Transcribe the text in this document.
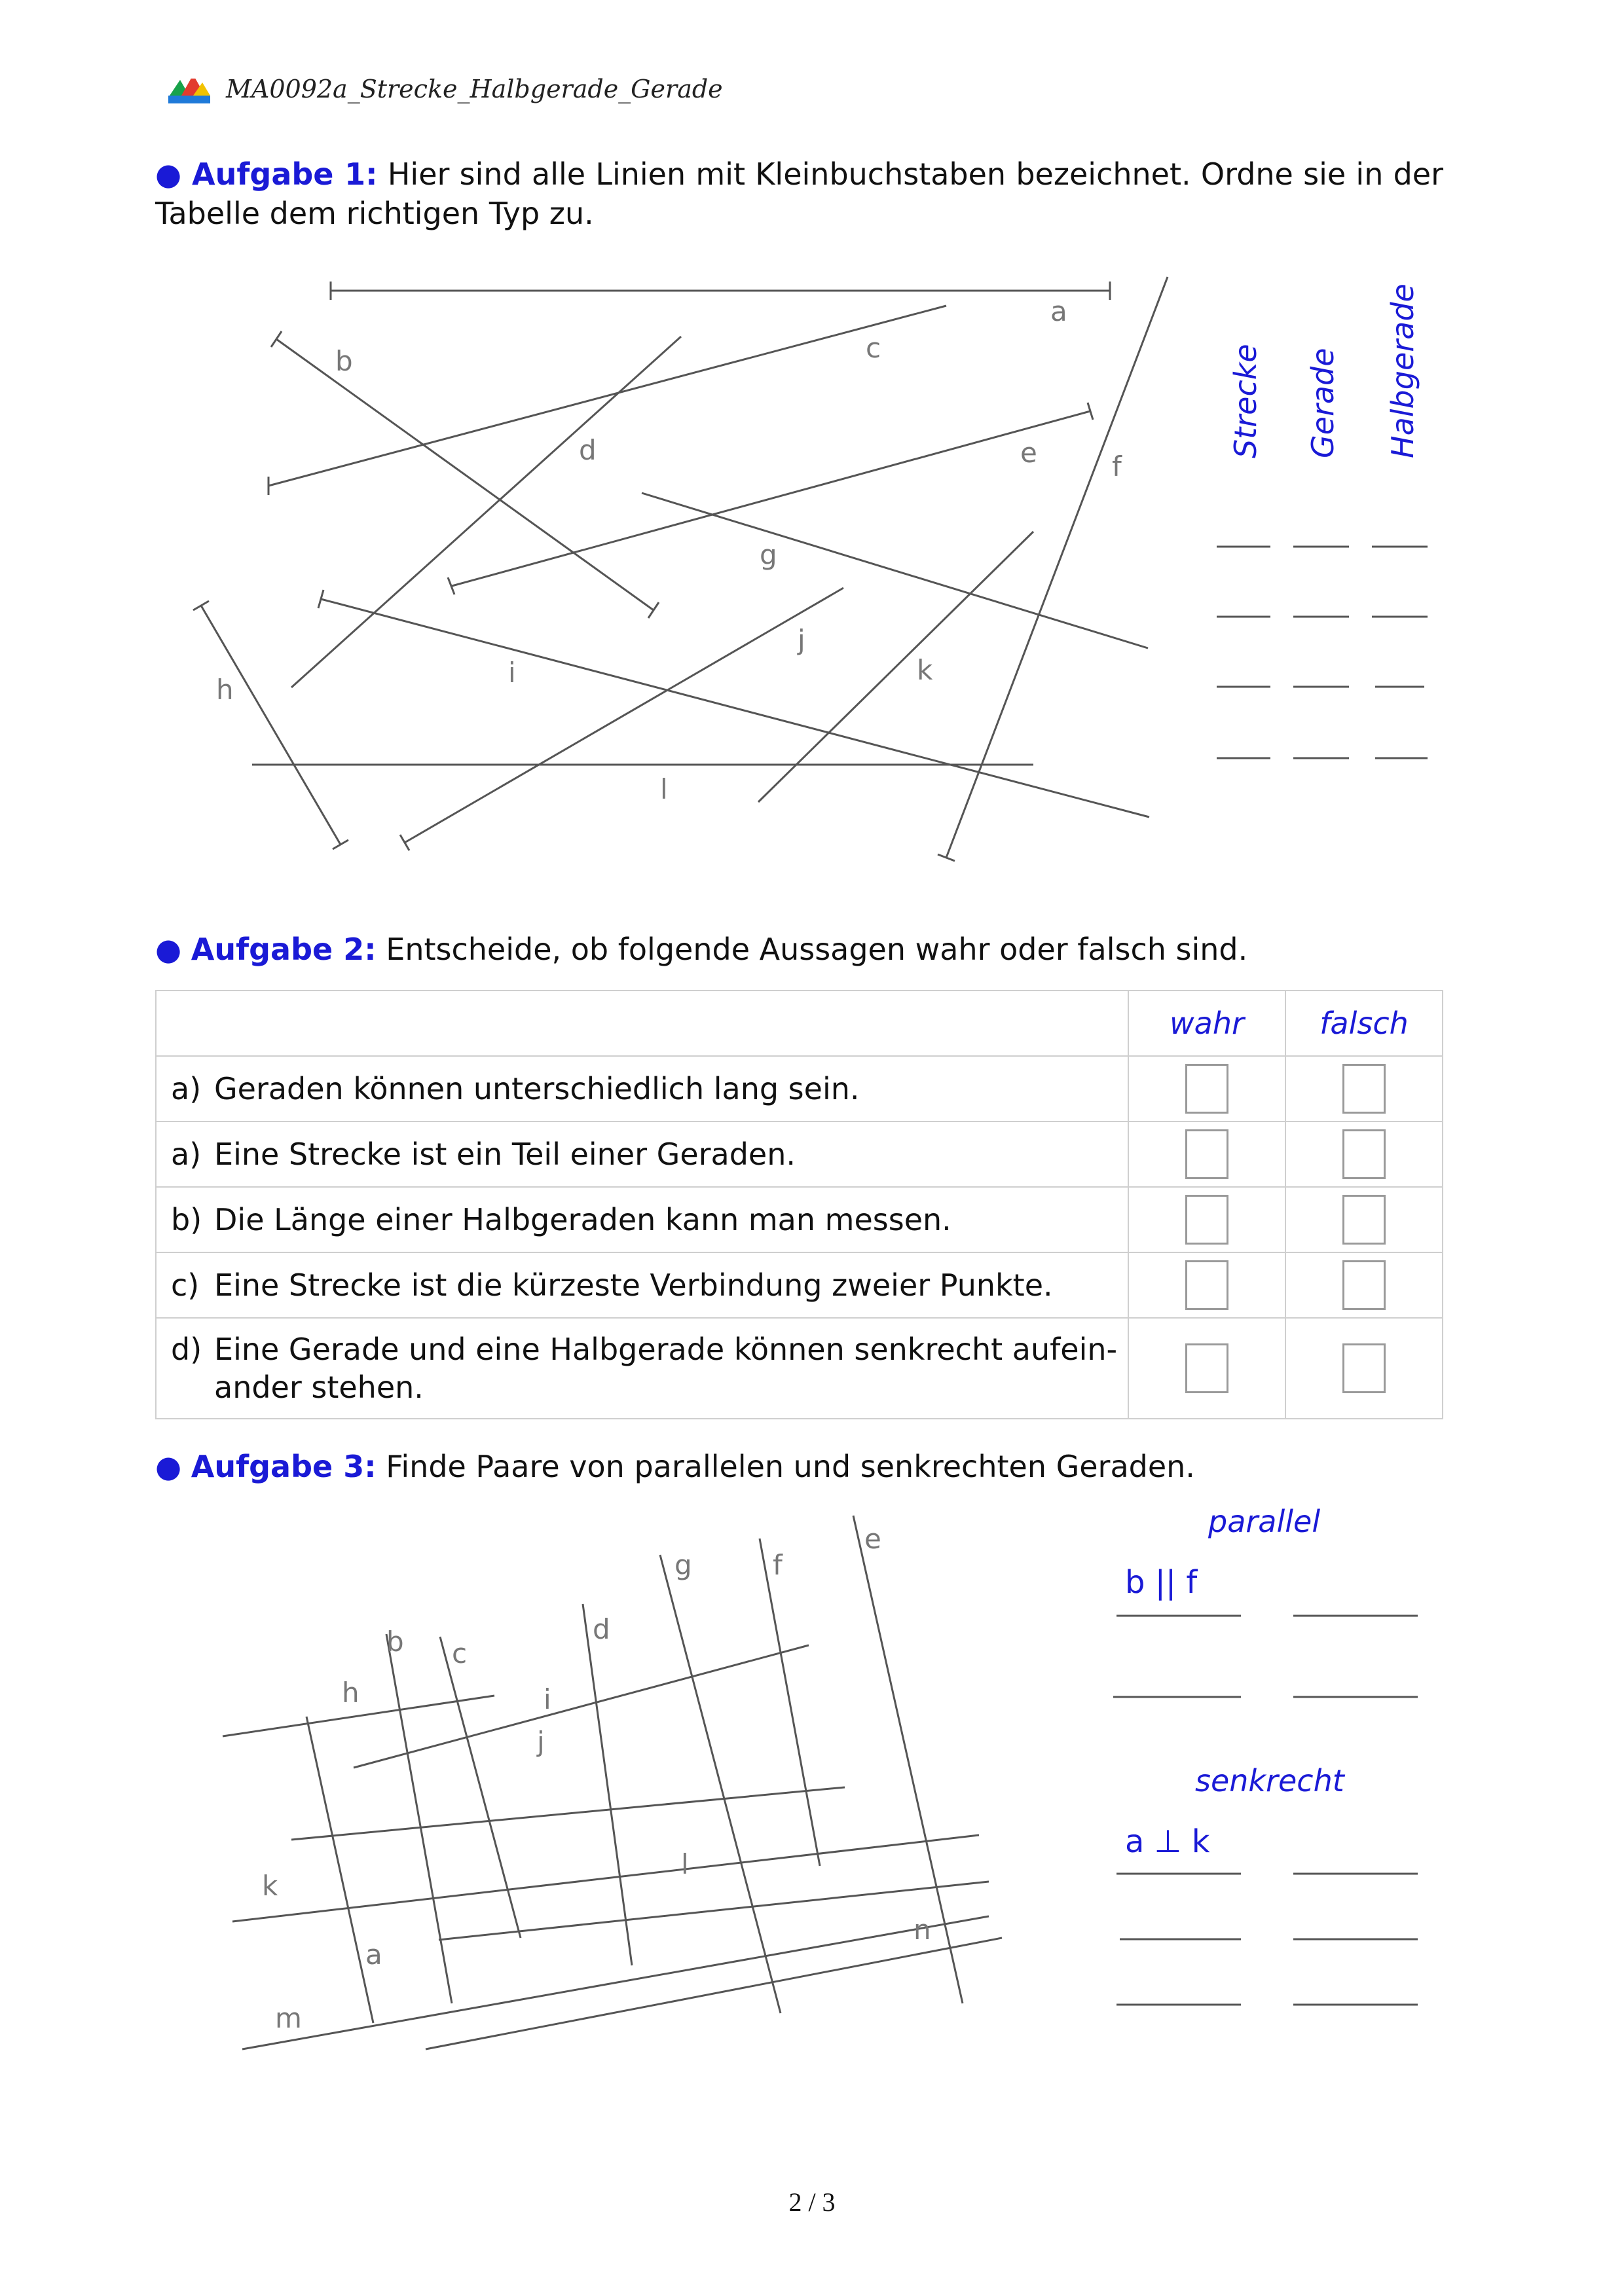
MA0092a_Strecke_Halbgerade_Gerade
● Aufgabe 1: Hier sind alle Linien mit Kleinbuchstaben bezeichnet. Ordne sie in der Tabelle dem richtigen Typ zu.
a
b	c
d	e	f
g
h
i
j
k
l
Strecke Gerade Halbgerade
● Aufgabe 2: Entscheide, ob folgende Aussagen wahr oder falsch sind.
	wahr	falsch
a) Geraden können unterschiedlich lang sein.		
a) Eine Strecke ist ein Teil einer Geraden.		
b) Die Länge einer Halbgeraden kann man messen.		
c) Eine Strecke ist die kürzeste Verbindung zweier Punkte.		
d) Eine Gerade und eine Halbgerade können senkrecht aufein-
ander stehen.		
● Aufgabe 3: Finde Paare von parallelen und senkrechten Geraden.
a
b c
d
e
f
g
h	i
j
k
l
m
n
parallel
b || f
senkrecht
a ⊥ k
2 / 3
